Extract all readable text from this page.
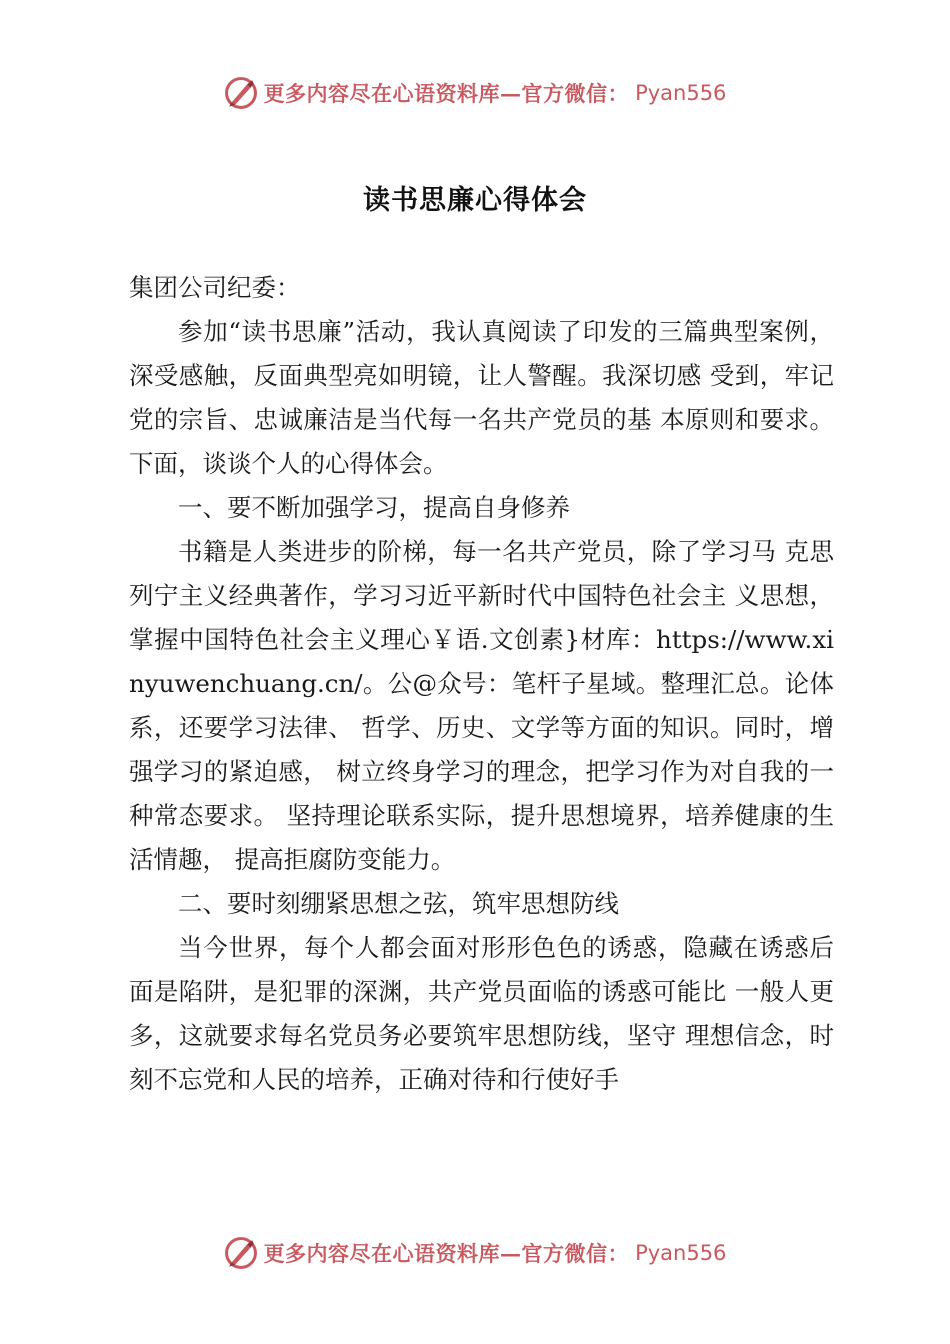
更多内容尽在心语资料库—官方微信： Pyan556
读书思廉心得体会

集团公司纪委：

参加“读书思廉”活动，我认真阅读了印发的三篇典型案例，深受感触，反面典型亮如明镜，让人警醒。我深切感 受到，牢记党的宗旨、忠诚廉洁是当代每一名共产党员的基 本原则和要求。下面，谈谈个人的心得体会。

一、要不断加强学习，提高自身修养

书籍是人类进步的阶梯，每一名共产党员，除了学习马 克思列宁主义经典著作，学习习近平新时代中国特色社会主 义思想，掌握中国特色社会主义理心￥语.文创素}材库：https://www.xinyuwenchuang.cn/。公@众号：笔杆子星域。整理汇总。论体系，还要学习法律、 哲学、历史、文学等方面的知识。同时，增强学习的紧迫感， 树立终身学习的理念，把学习作为对自我的一种常态要求。 坚持理论联系实际，提升思想境界，培养健康的生活情趣， 提高拒腐防变能力。

二、要时刻绷紧思想之弦，筑牢思想防线

当今世界，每个人都会面对形形色色的诱惑，隐藏在诱惑后面是陷阱，是犯罪的深渊，共产党员面临的诱惑可能比 一般人更多，这就要求每名党员务必要筑牢思想防线，坚守 理想信念，时刻不忘党和人民的培养，正确对待和行使好手

更多内容尽在心语资料库—官方微信： Pyan556
